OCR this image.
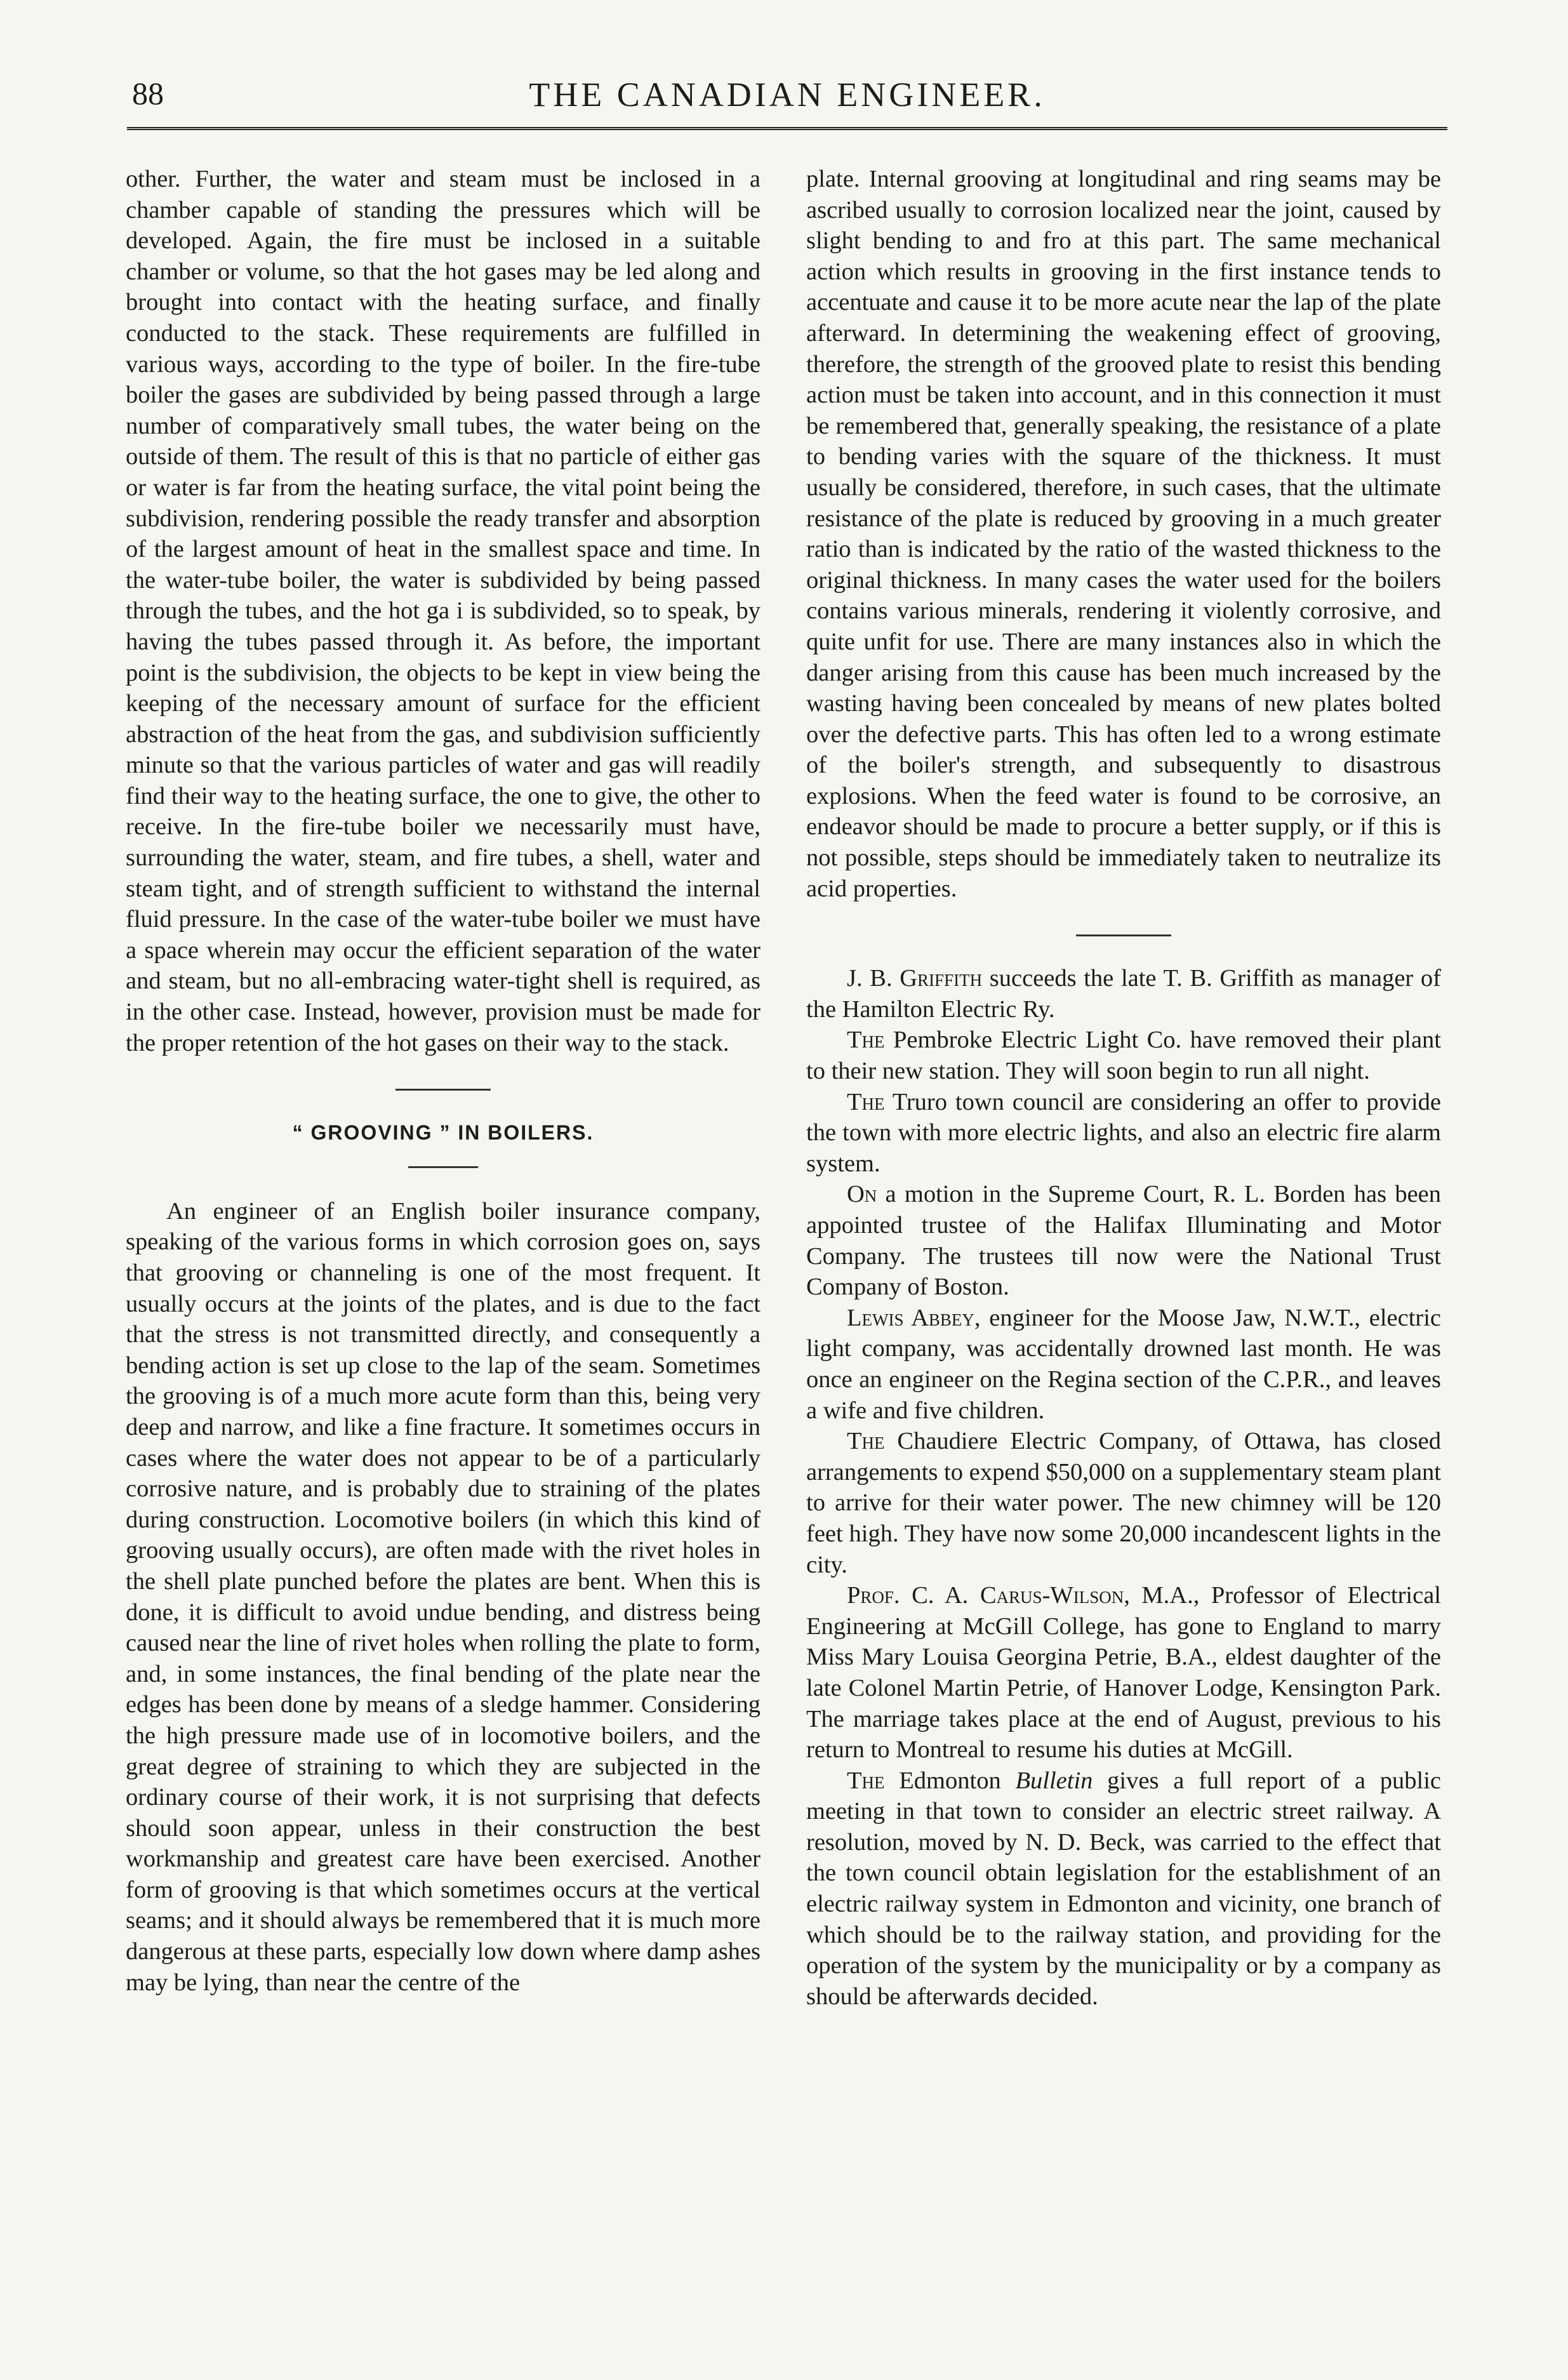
88	THE CANADIAN ENGINEER.

other. Further, the water and steam must be inclosed in a chamber capable of standing the pressures which will be developed. Again, the fire must be inclosed in a suitable chamber or volume, so that the hot gases may be led along and brought into contact with the heating surface, and finally conducted to the stack. These requirements are fulfilled in various ways, according to the type of boiler. In the fire-tube boiler the gases are subdivided by being passed through a large number of comparatively small tubes, the water being on the outside of them. The result of this is that no particle of either gas or water is far from the heating surface, the vital point being the subdivision, rendering possible the ready transfer and absorption of the largest amount of heat in the smallest space and time. In the water-tube boiler, the water is subdivided by being passed through the tubes, and the hot ga i is subdivided, so to speak, by having the tubes passed through it. As before, the important point is the subdivision, the objects to be kept in view being the keeping of the necessary amount of surface for the efficient abstraction of the heat from the gas, and subdivision sufficiently minute so that the various particles of water and gas will readily find their way to the heating surface, the one to give, the other to receive. In the fire-tube boiler we necessarily must have, surrounding the water, steam, and fire tubes, a shell, water and steam tight, and of strength sufficient to withstand the internal fluid pressure. In the case of the water-tube boiler we must have a space wherein may occur the efficient separation of the water and steam, but no all-embracing water-tight shell is required, as in the other case. Instead, however, provision must be made for the proper retention of the hot gases on their way to the stack.

“ GROOVING ” IN BOILERS.

An engineer of an English boiler insurance company, speaking of the various forms in which corrosion goes on, says that grooving or channeling is one of the most frequent. It usually occurs at the joints of the plates, and is due to the fact that the stress is not transmitted directly, and consequently a bending action is set up close to the lap of the seam. Sometimes the grooving is of a much more acute form than this, being very deep and narrow, and like a fine fracture. It sometimes occurs in cases where the water does not appear to be of a particularly corrosive nature, and is probably due to straining of the plates during construction. Locomotive boilers (in which this kind of grooving usually occurs), are often made with the rivet holes in the shell plate punched before the plates are bent. When this is done, it is difficult to avoid undue bending, and distress being caused near the line of rivet holes when rolling the plate to form, and, in some instances, the final bending of the plate near the edges has been done by means of a sledge hammer. Considering the high pressure made use of in locomotive boilers, and the great degree of straining to which they are subjected in the ordinary course of their work, it is not surprising that defects should soon appear, unless in their construction the best workmanship and greatest care have been exercised. Another form of grooving is that which sometimes occurs at the vertical seams; and it should always be remembered that it is much more dangerous at these parts, especially low down where damp ashes may be lying, than near the centre of the

plate. Internal grooving at longitudinal and ring seams may be ascribed usually to corrosion localized near the joint, caused by slight bending to and fro at this part. The same mechanical action which results in grooving in the first instance tends to accentuate and cause it to be more acute near the lap of the plate afterward. In determining the weakening effect of grooving, therefore, the strength of the grooved plate to resist this bending action must be taken into account, and in this connection it must be remembered that, generally speaking, the resistance of a plate to bending varies with the square of the thickness. It must usually be considered, therefore, in such cases, that the ultimate resistance of the plate is reduced by grooving in a much greater ratio than is indicated by the ratio of the wasted thickness to the original thickness. In many cases the water used for the boilers contains various minerals, rendering it violently corrosive, and quite unfit for use. There are many instances also in which the danger arising from this cause has been much increased by the wasting having been concealed by means of new plates bolted over the defective parts. This has often led to a wrong estimate of the boiler's strength, and subsequently to disastrous explosions. When the feed water is found to be corrosive, an endeavor should be made to procure a better supply, or if this is not possible, steps should be immediately taken to neutralize its acid properties.

J. B. Griffith succeeds the late T. B. Griffith as manager of the Hamilton Electric Ry.

The Pembroke Electric Light Co. have removed their plant to their new station. They will soon begin to run all night.

The Truro town council are considering an offer to provide the town with more electric lights, and also an electric fire alarm system.

On a motion in the Supreme Court, R. L. Borden has been appointed trustee of the Halifax Illuminating and Motor Company. The trustees till now were the National Trust Company of Boston.

Lewis Abbey, engineer for the Moose Jaw, N.W.T., electric light company, was accidentally drowned last month. He was once an engineer on the Regina section of the C.P.R., and leaves a wife and five children.

The Chaudiere Electric Company, of Ottawa, has closed arrangements to expend $50,000 on a supplementary steam plant to arrive for their water power. The new chimney will be 120 feet high. They have now some 20,000 incandescent lights in the city.

Prof. C. A. Carus-Wilson, M.A., Professor of Electrical Engineering at McGill College, has gone to England to marry Miss Mary Louisa Georgina Petrie, B.A., eldest daughter of the late Colonel Martin Petrie, of Hanover Lodge, Kensington Park. The marriage takes place at the end of August, previous to his return to Montreal to resume his duties at McGill.

The Edmonton Bulletin gives a full report of a public meeting in that town to consider an electric street railway. A resolution, moved by N. D. Beck, was carried to the effect that the town council obtain legislation for the establishment of an electric railway system in Edmonton and vicinity, one branch of which should be to the railway station, and providing for the operation of the system by the municipality or by a company as should be afterwards decided.
